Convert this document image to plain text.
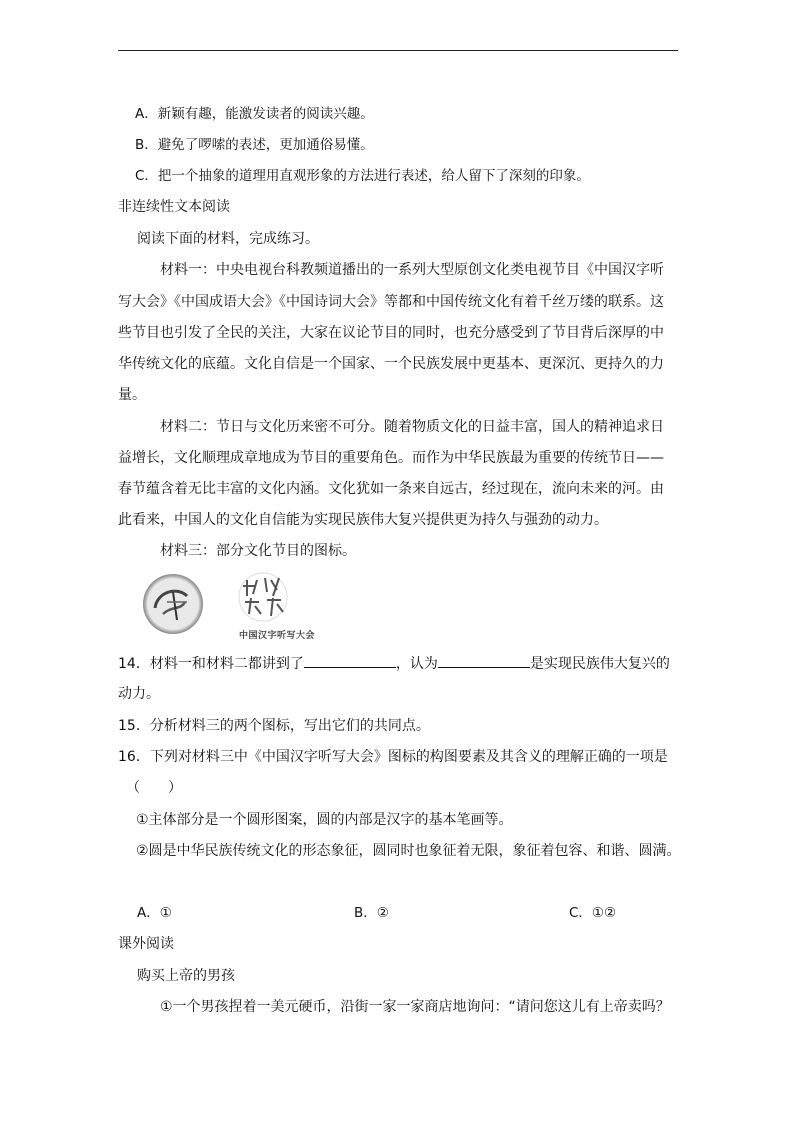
A．新颖有趣，能激发读者的阅读兴趣。
B．避免了啰嗦的表述，更加通俗易懂。
C．把一个抽象的道理用直观形象的方法进行表述，给人留下了深刻的印象。
非连续性文本阅读
阅读下面的材料，完成练习。
材料一：中央电视台科教频道播出的一系列大型原创文化类电视节目《中国汉字听
写大会》《中国成语大会》《中国诗词大会》等都和中国传统文化有着千丝万缕的联系。这
些节目也引发了全民的关注，大家在议论节目的同时，也充分感受到了节目背后深厚的中
华传统文化的底蕴。文化自信是一个国家、一个民族发展中更基本、更深沉、更持久的力
量。
材料二：节日与文化历来密不可分。随着物质文化的日益丰富，国人的精神追求日
益增长，文化顺理成章地成为节目的重要角色。而作为中华民族最为重要的传统节日——
春节蕴含着无比丰富的文化内涵。文化犹如一条来自远古，经过现在，流向未来的河。由
此看来，中国人的文化自信能为实现民族伟大复兴提供更为持久与强劲的动力。
材料三：部分文化节目的图标。
中国汉字听写大会
14．材料一和材料二都讲到了	，认为	是实现民族伟大复兴的
动力。
15．分析材料三的两个图标，写出它们的共同点。
16．下列对材料三中《中国汉字听写大会》图标的构图要素及其含义的理解正确的一项是
（　　）
①主体部分是一个圆形图案，圆的内部是汉字的基本笔画等。
②圆是中华民族传统文化的形态象征，圆同时也象征着无限，象征着包容、和谐、圆满。
A．①	B．②	C．①②
课外阅读
购买上帝的男孩
①一个男孩捏着一美元硬币，沿街一家一家商店地询问：“请问您这儿有上帝卖吗？
